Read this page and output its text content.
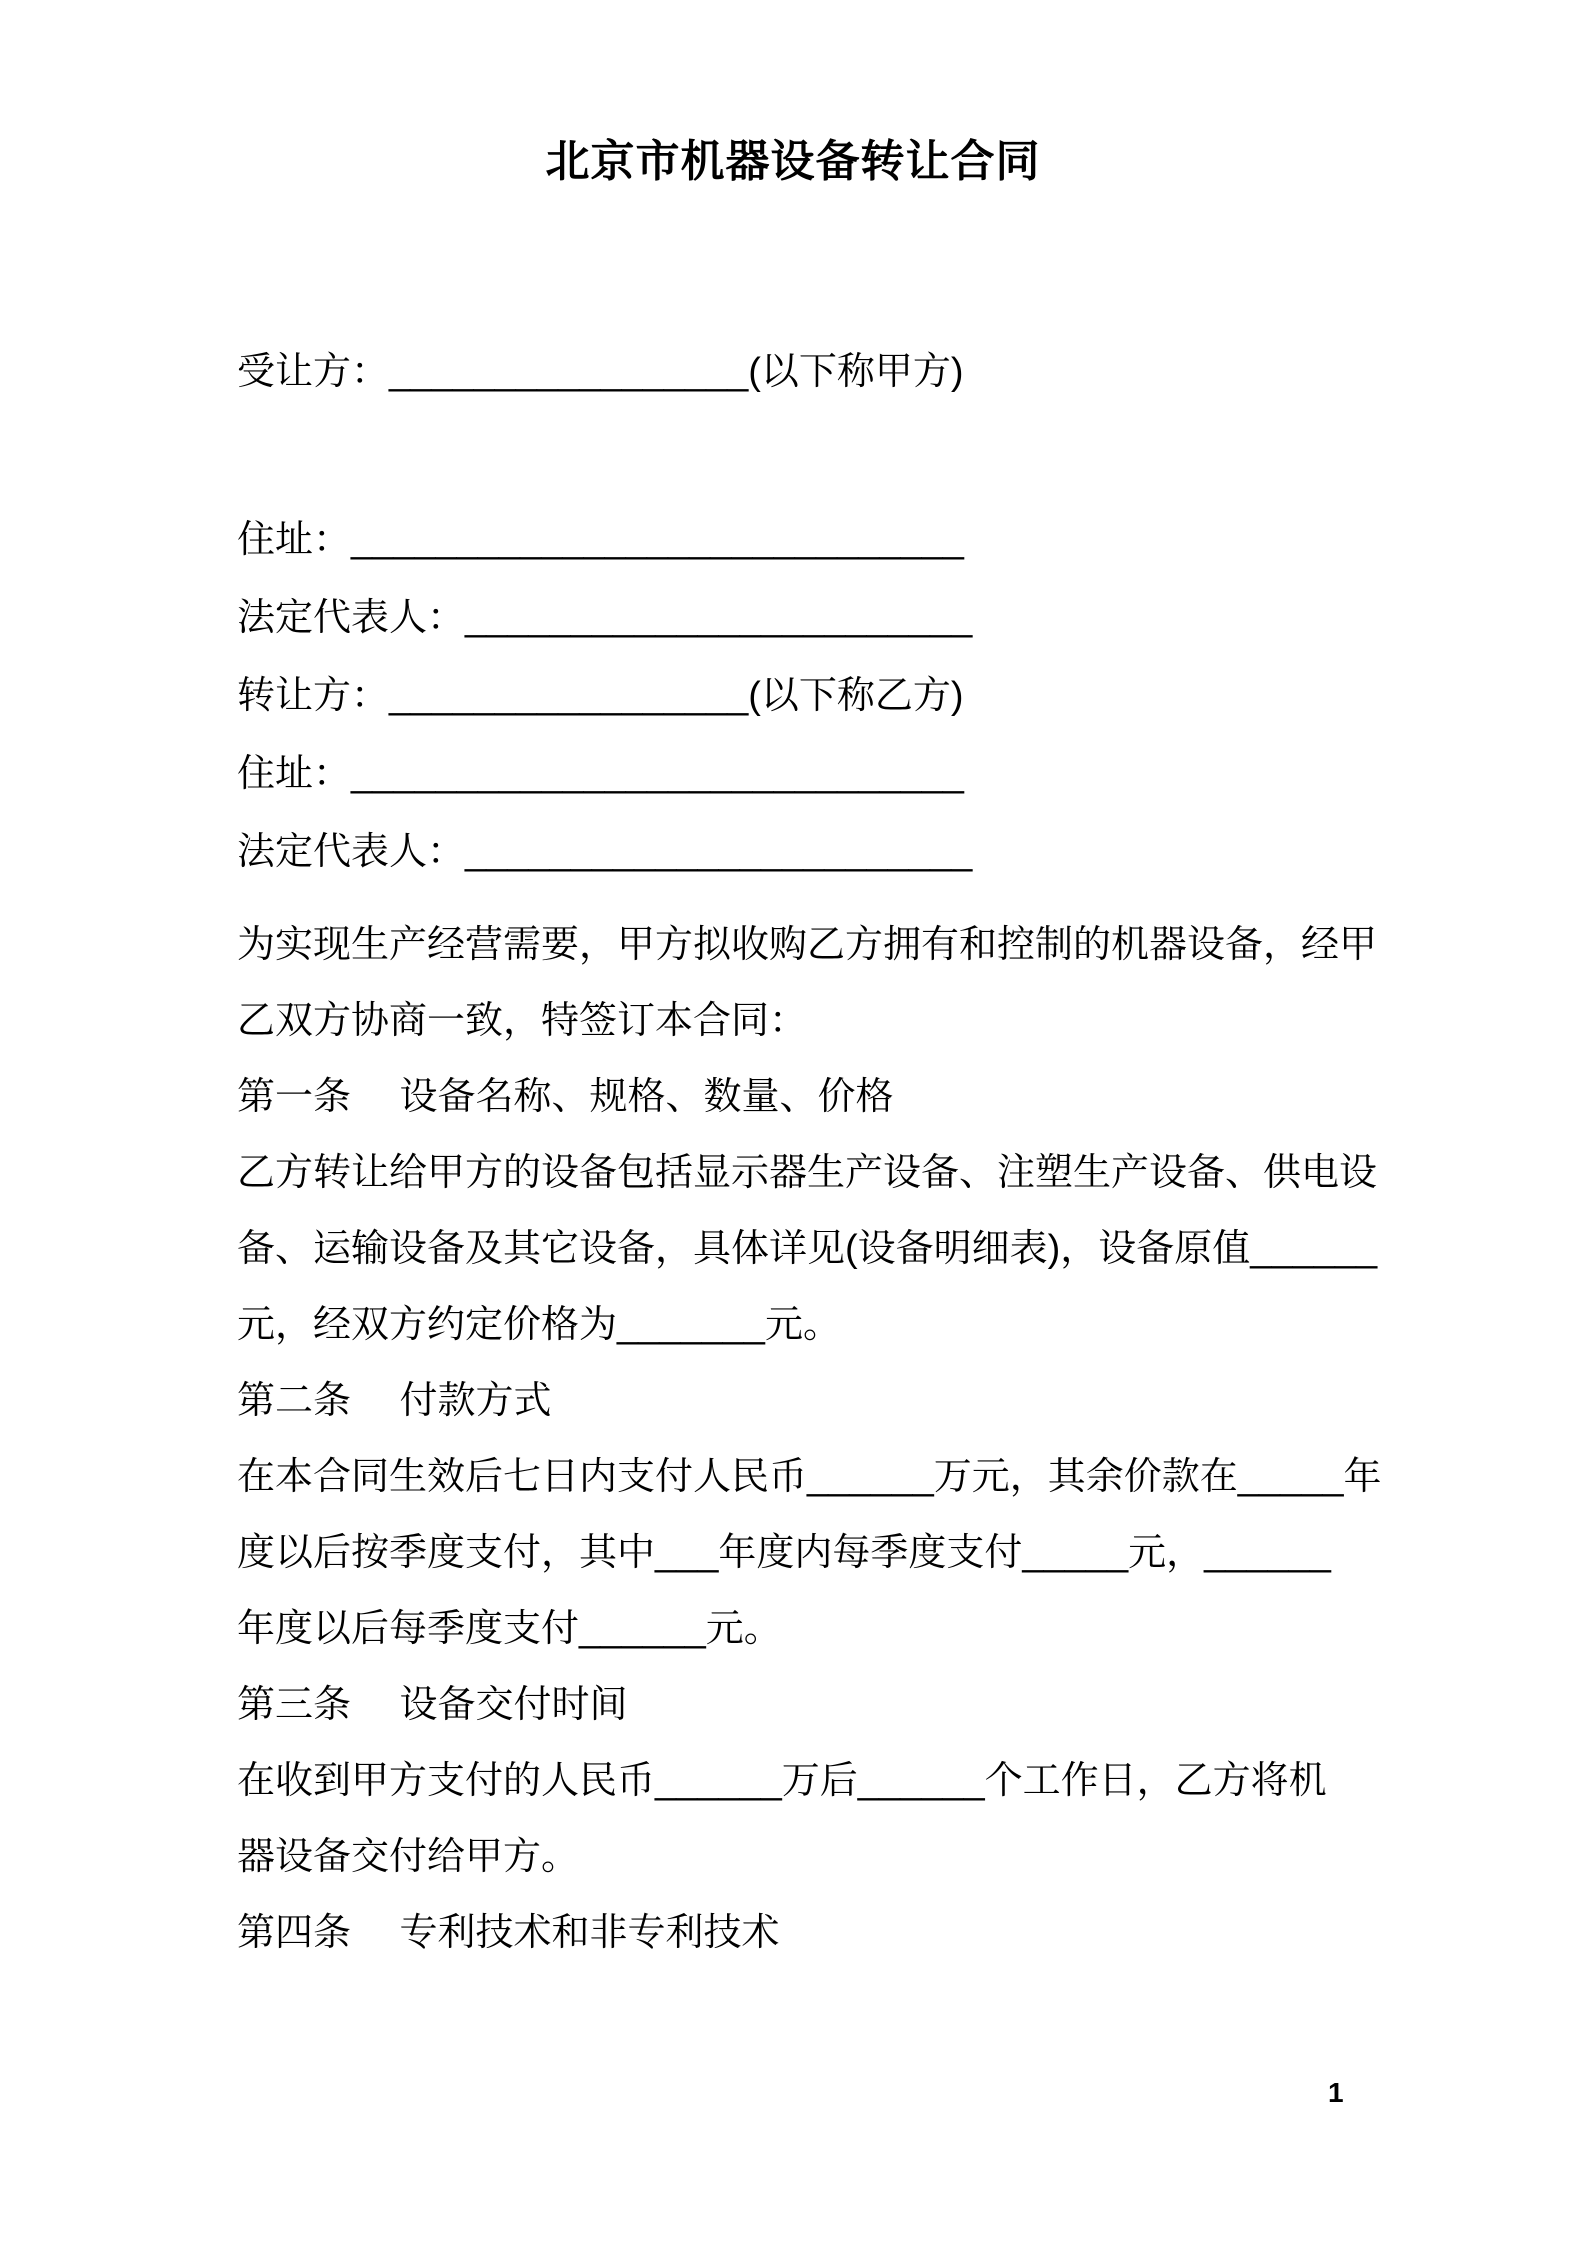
北京市机器设备转让合同
受让方：_________________(以下称甲方)
住址：_____________________________
法定代表人：________________________
转让方：_________________(以下称乙方)
住址：_____________________________
法定代表人：________________________
为实现生产经营需要，甲方拟收购乙方拥有和控制的机器设备，经甲
乙双方协商一致，特签订本合同：
第一条　 设备名称、规格、数量、价格
乙方转让给甲方的设备包括显示器生产设备、注塑生产设备、供电设
备、运输设备及其它设备，具体详见(设备明细表)，设备原值______
元，经双方约定价格为_______元。
第二条　 付款方式
在本合同生效后七日内支付人民币______万元，其余价款在_____年
度以后按季度支付，其中___年度内每季度支付_____元，______
年度以后每季度支付______元。
第三条　 设备交付时间
在收到甲方支付的人民币______万后______个工作日，乙方将机
器设备交付给甲方。
第四条　 专利技术和非专利技术
1
